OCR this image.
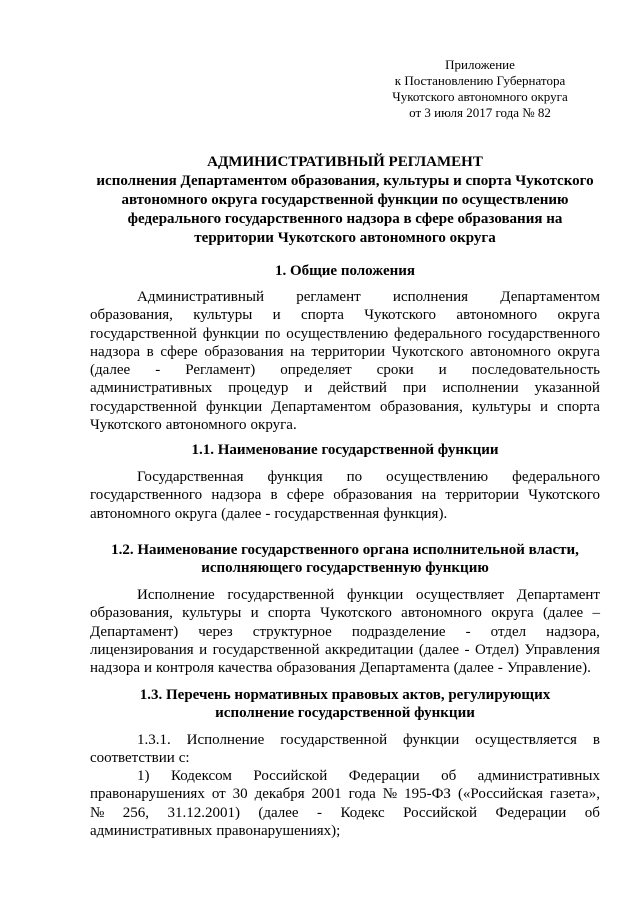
Приложение
к Постановлению Губернатора
Чукотского автономного округа
от 3 июля 2017 года № 82
АДМИНИСТРАТИВНЫЙ РЕГЛАМЕНТ
исполнения Департаментом образования, культуры и спорта Чукотского
автономного округа государственной функции по осуществлению
федерального государственного надзора в сфере образования на
территории Чукотского автономного округа
1. Общие положения
Административный регламент исполнения Департаментом
образования, культуры и спорта Чукотского автономного округа
государственной функции по осуществлению федерального государственного
надзора в сфере образования на территории Чукотского автономного округа
(далее - Регламент) определяет сроки и последовательность
административных процедур и действий при исполнении указанной
государственной функции Департаментом образования, культуры и спорта
Чукотского автономного округа.
1.1. Наименование государственной функции
Государственная функция по осуществлению федерального
государственного надзора в сфере образования на территории Чукотского
автономного округа (далее - государственная функция).
1.2. Наименование государственного органа исполнительной власти,
исполняющего государственную функцию
Исполнение государственной функции осуществляет Департамент
образования, культуры и спорта Чукотского автономного округа (далее –
Департамент) через структурное подразделение - отдел надзора,
лицензирования и государственной аккредитации (далее - Отдел) Управления
надзора и контроля качества образования Департамента (далее - Управление).
1.3. Перечень нормативных правовых актов, регулирующих
исполнение государственной функции
1.3.1. Исполнение государственной функции осуществляется в
соответствии с:
1) Кодексом Российской Федерации об административных
правонарушениях от 30 декабря 2001 года № 195-ФЗ («Российская газета»,
№ 256, 31.12.2001) (далее - Кодекс Российской Федерации об
административных правонарушениях);
